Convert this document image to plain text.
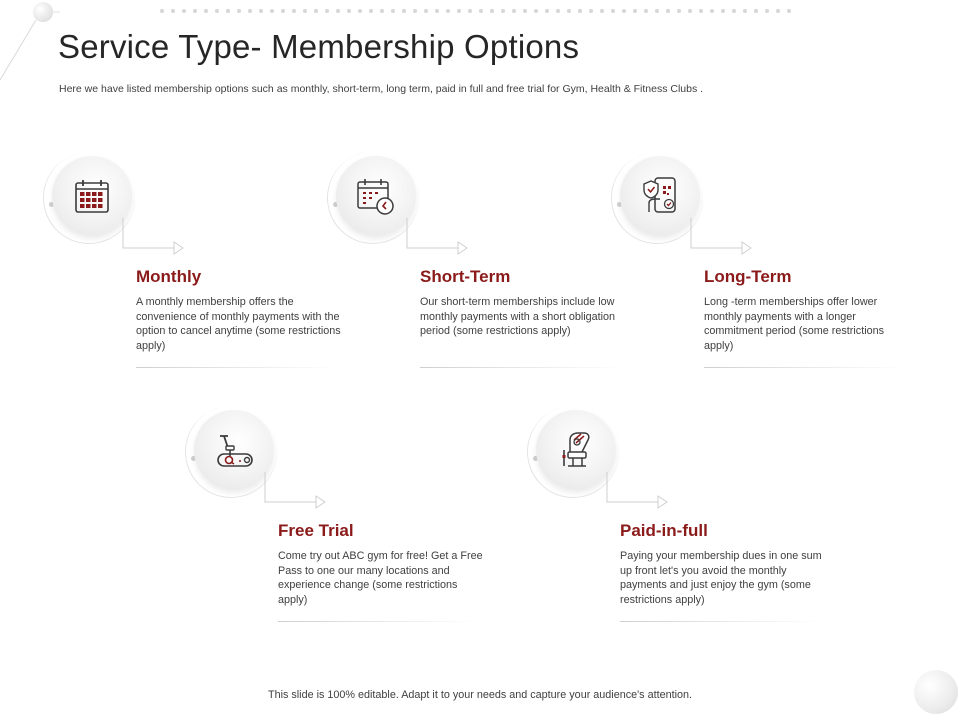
Service Type- Membership Options

Here we have listed membership options such as monthly, short-term, long term, paid in full and free trial for Gym, Health & Fitness Clubs .

Monthly

A monthly membership offers the convenience of monthly payments with the option to cancel anytime (some restrictions apply)

Short-Term

Our short-term memberships include low monthly payments with a short obligation period (some restrictions apply)

Long-Term

Long -term memberships offer lower monthly payments with a longer commitment period (some restrictions apply)

Free Trial

Come try out ABC gym for free! Get a Free Pass to one our many locations and experience change (some restrictions apply)

Paid-in-full

Paying your membership dues in one sum up front let's you avoid the monthly payments and just enjoy the gym (some restrictions apply)

This slide is 100% editable. Adapt it to your needs and capture your audience's attention.
